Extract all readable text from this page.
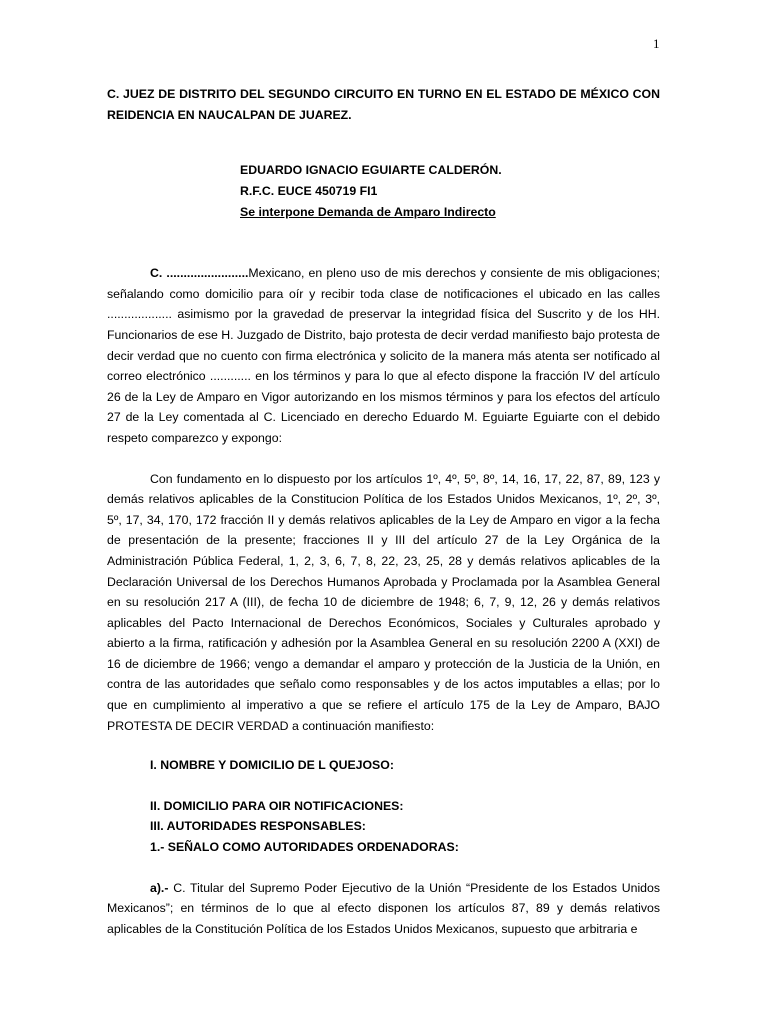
1

C. JUEZ DE DISTRITO DEL SEGUNDO CIRCUITO EN TURNO EN EL ESTADO DE MÉXICO CON REIDENCIA EN NAUCALPAN DE JUAREZ.

EDUARDO IGNACIO EGUIARTE CALDERÓN.
R.F.C. EUCE 450719 FI1
Se interpone Demanda de Amparo Indirecto

C. ........................Mexicano, en pleno uso de mis derechos y consiente de mis obligaciones; señalando como domicilio para oír y recibir toda clase de notificaciones el ubicado en las calles ................... asimismo por la gravedad de preservar la integridad física del Suscrito y de los HH. Funcionarios de ese H. Juzgado de Distrito, bajo protesta de decir verdad manifiesto bajo protesta de decir verdad que no cuento con firma electrónica y solicito de la manera más atenta ser notificado al correo electrónico ............ en los términos y para lo que al efecto dispone la fracción IV del artículo 26 de la Ley de Amparo en Vigor autorizando en los mismos términos y para los efectos del artículo 27 de la Ley comentada al C. Licenciado en derecho Eduardo M. Eguiarte Eguiarte con el debido respeto comparezco y expongo:

Con fundamento en lo dispuesto por los artículos 1º, 4º, 5º, 8º, 14, 16, 17, 22, 87, 89, 123 y demás relativos aplicables de la Constitucion Política de los Estados Unidos Mexicanos, 1º, 2º, 3º, 5º, 17, 34, 170, 172 fracción II y demás relativos aplicables de la Ley de Amparo en vigor a la fecha de presentación de la presente; fracciones II y III del artículo 27 de la Ley Orgánica de la Administración Pública Federal, 1, 2, 3, 6, 7, 8, 22, 23, 25, 28 y demás relativos aplicables de la Declaración Universal de los Derechos Humanos Aprobada y Proclamada por la Asamblea General en su resolución 217 A (III), de fecha 10 de diciembre de 1948; 6, 7, 9, 12, 26 y demás relativos aplicables del Pacto Internacional de Derechos Económicos, Sociales y Culturales aprobado y abierto a la firma, ratificación y adhesión por la Asamblea General en su resolución 2200 A (XXI) de 16 de diciembre de 1966; vengo a demandar el amparo y protección de la Justicia de la Unión, en contra de las autoridades que señalo como responsables y de los actos imputables a ellas; por lo que en cumplimiento al imperativo a que se refiere el artículo 175 de la Ley de Amparo, BAJO PROTESTA DE DECIR VERDAD a continuación manifiesto:

I. NOMBRE Y DOMICILIO DE L QUEJOSO:
II. DOMICILIO PARA OIR NOTIFICACIONES:
III. AUTORIDADES RESPONSABLES:
1.- SEÑALO COMO AUTORIDADES ORDENADORAS:

a).- C. Titular del Supremo Poder Ejecutivo de la Unión “Presidente de los Estados Unidos Mexicanos”; en términos de lo que al efecto disponen los artículos 87, 89 y demás relativos aplicables de la Constitución Política de los Estados Unidos Mexicanos, supuesto que arbitraria e
